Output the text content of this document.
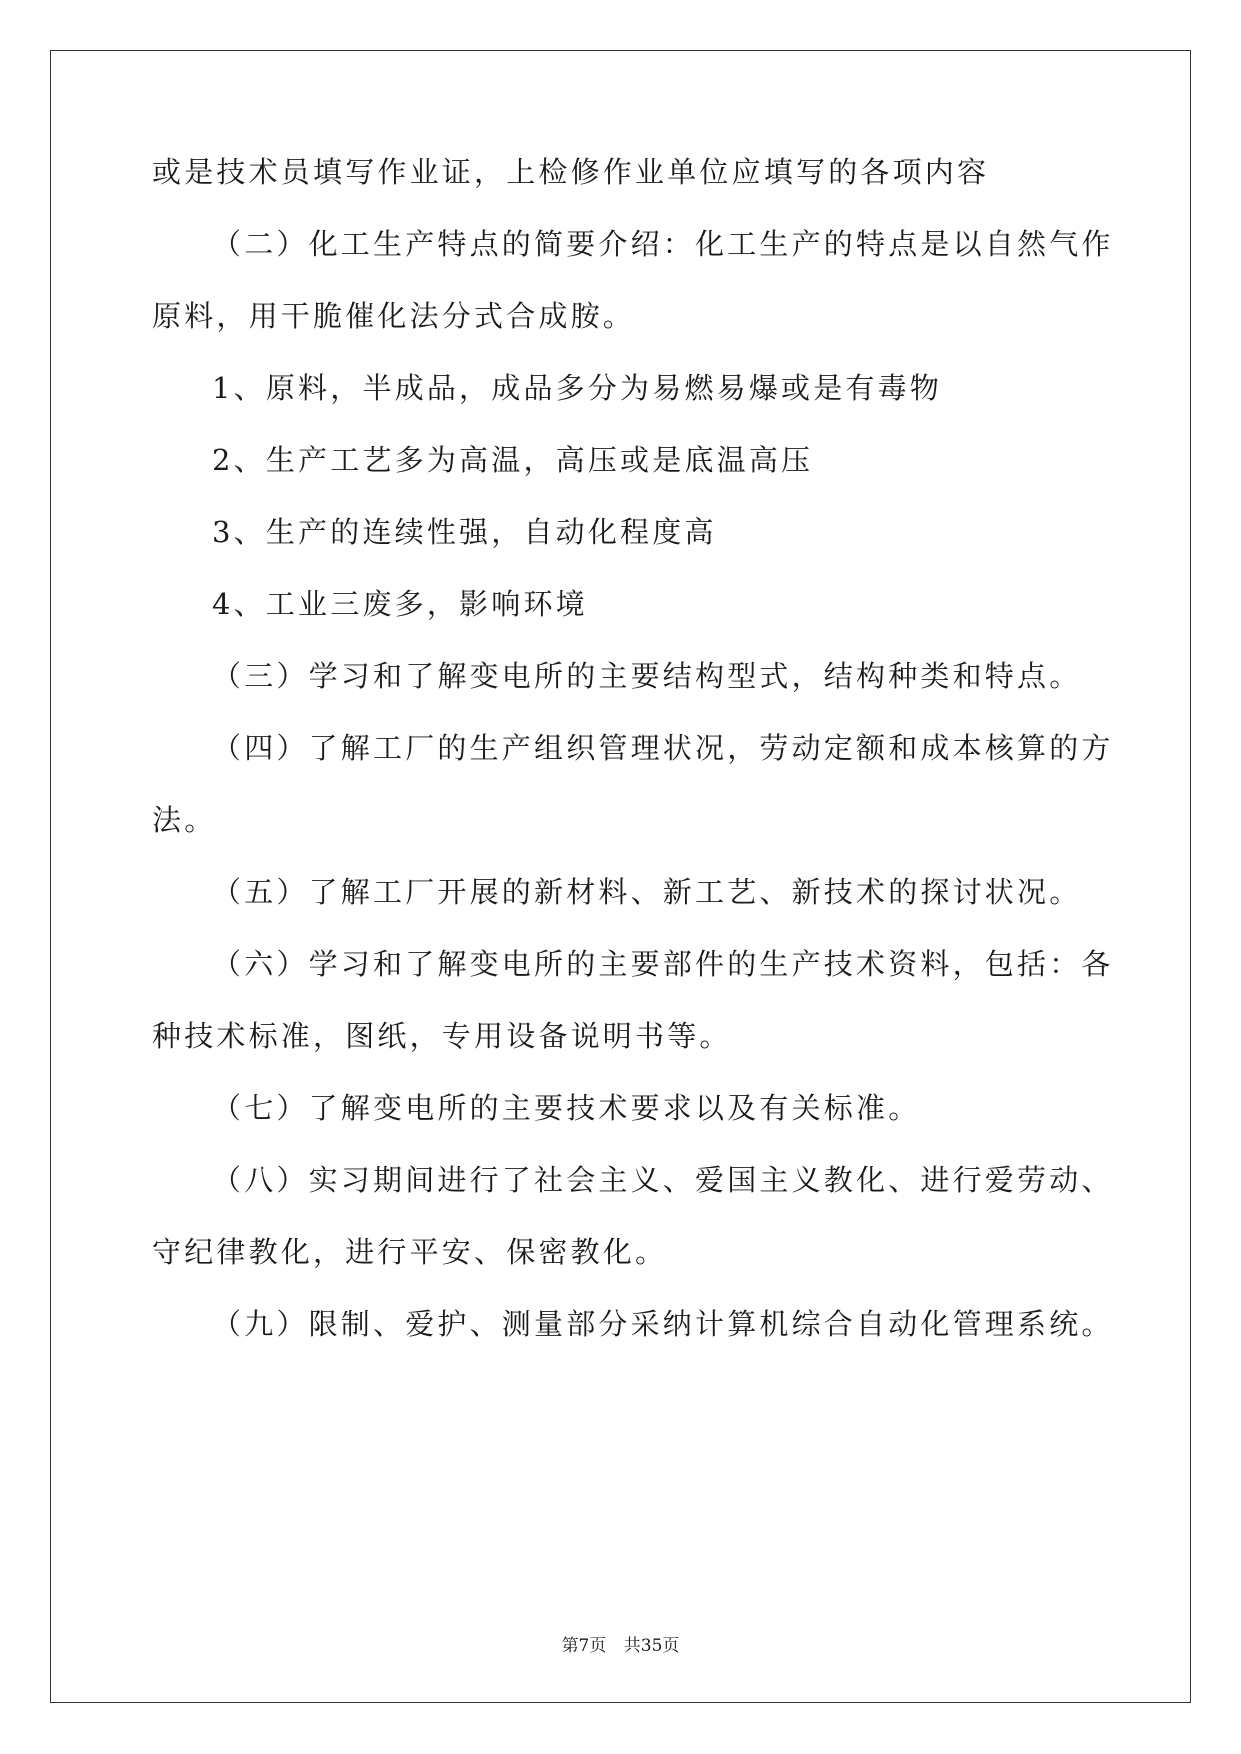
或是技术员填写作业证，上检修作业单位应填写的各项内容
（二）化工生产特点的简要介绍：化工生产的特点是以自然气作
原料，用干脆催化法分式合成胺。
1、原料，半成品，成品多分为易燃易爆或是有毒物
2、生产工艺多为高温，高压或是底温高压
3、生产的连续性强，自动化程度高
4、工业三废多，影响环境
（三）学习和了解变电所的主要结构型式，结构种类和特点。
（四）了解工厂的生产组织管理状况，劳动定额和成本核算的方
法。
（五）了解工厂开展的新材料、新工艺、新技术的探讨状况。
（六）学习和了解变电所的主要部件的生产技术资料，包括：各
种技术标准，图纸，专用设备说明书等。
（七）了解变电所的主要技术要求以及有关标准。
（八）实习期间进行了社会主义、爱国主义教化、进行爱劳动、
守纪律教化，进行平安、保密教化。
（九）限制、爱护、测量部分采纳计算机综合自动化管理系统。
第7页 共35页
